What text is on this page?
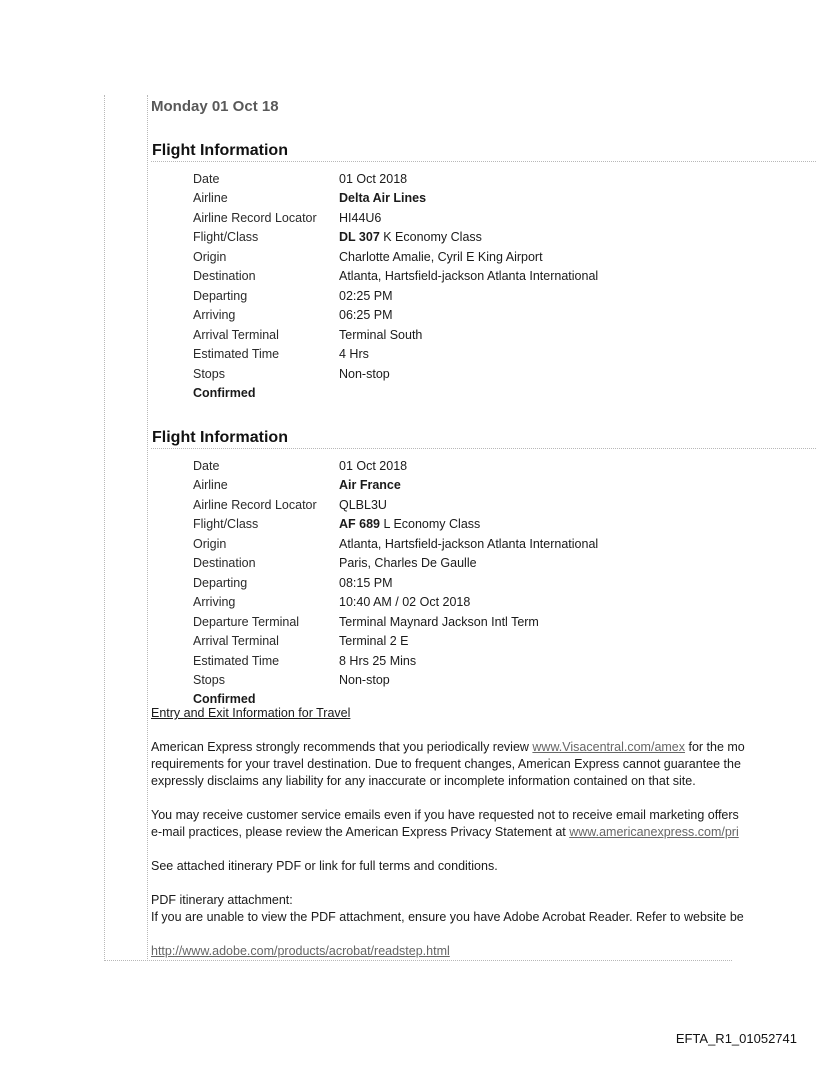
Monday 01 Oct 18
Flight Information
Date	01 Oct 2018
Airline	Delta Air Lines
Airline Record Locator	HI44U6
Flight/Class	DL 307 K Economy Class
Origin	Charlotte Amalie, Cyril E King Airport
Destination	Atlanta, Hartsfield-jackson Atlanta International
Departing	02:25 PM
Arriving	06:25 PM
Arrival Terminal	Terminal South
Estimated Time	4 Hrs
Stops	Non-stop
Confirmed
Flight Information
Date	01 Oct 2018
Airline	Air France
Airline Record Locator	QLBL3U
Flight/Class	AF 689 L Economy Class
Origin	Atlanta, Hartsfield-jackson Atlanta International
Destination	Paris, Charles De Gaulle
Departing	08:15 PM
Arriving	10:40 AM / 02 Oct 2018
Departure Terminal	Terminal Maynard Jackson Intl Term
Arrival Terminal	Terminal 2 E
Estimated Time	8 Hrs 25 Mins
Stops	Non-stop
Confirmed

Entry and Exit Information for Travel

American Express strongly recommends that you periodically review www.Visacentral.com/amex for the mo

requirements for your travel destination. Due to frequent changes, American Express cannot guarantee the

expressly disclaims any liability for any inaccurate or incomplete information contained on that site.

You may receive customer service emails even if you have requested not to receive email marketing offers

e-mail practices, please review the American Express Privacy Statement at www.americanexpress.com/pri

See attached itinerary PDF or link for full terms and conditions.

PDF itinerary attachment:

If you are unable to view the PDF attachment, ensure you have Adobe Acrobat Reader. Refer to website be

http://www.adobe.com/products/acrobat/readstep.html

EFTA_R1_01052741
